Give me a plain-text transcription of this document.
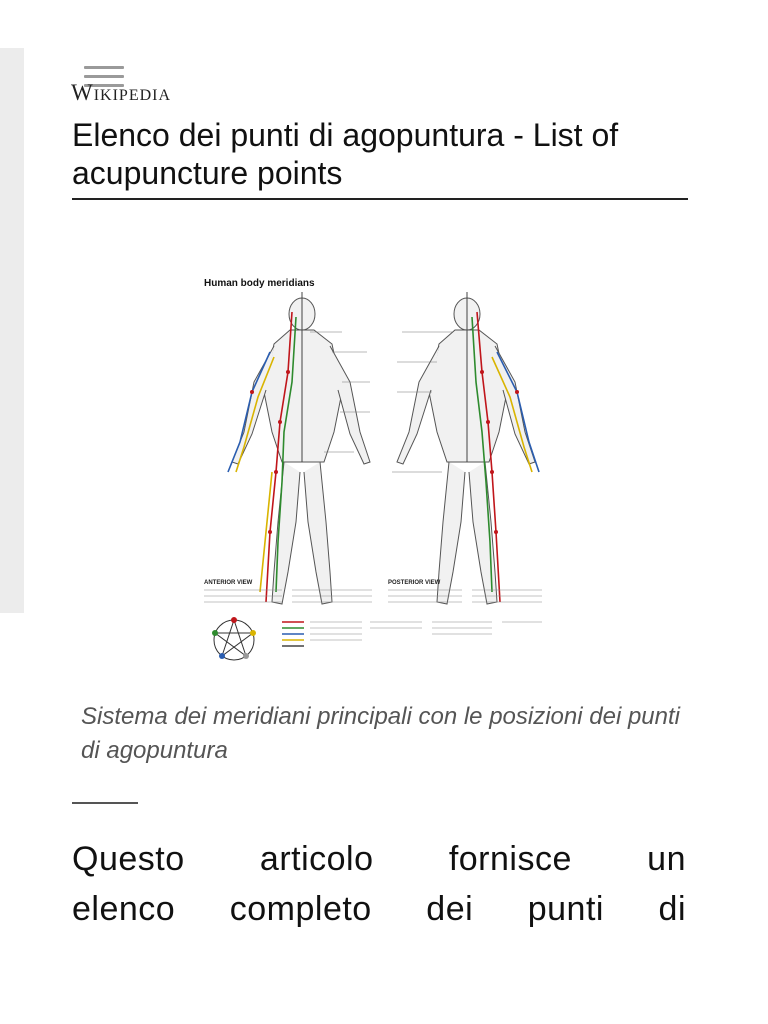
Wikipedia
Elenco dei punti di agopuntura - List of acupuncture points
Human body meridians
ANTERIOR VIEW	POSTERIOR VIEW
Sistema dei meridiani principali con le posizioni dei punti di agopuntura
Questo articolo fornisce un
elenco completo dei punti di
